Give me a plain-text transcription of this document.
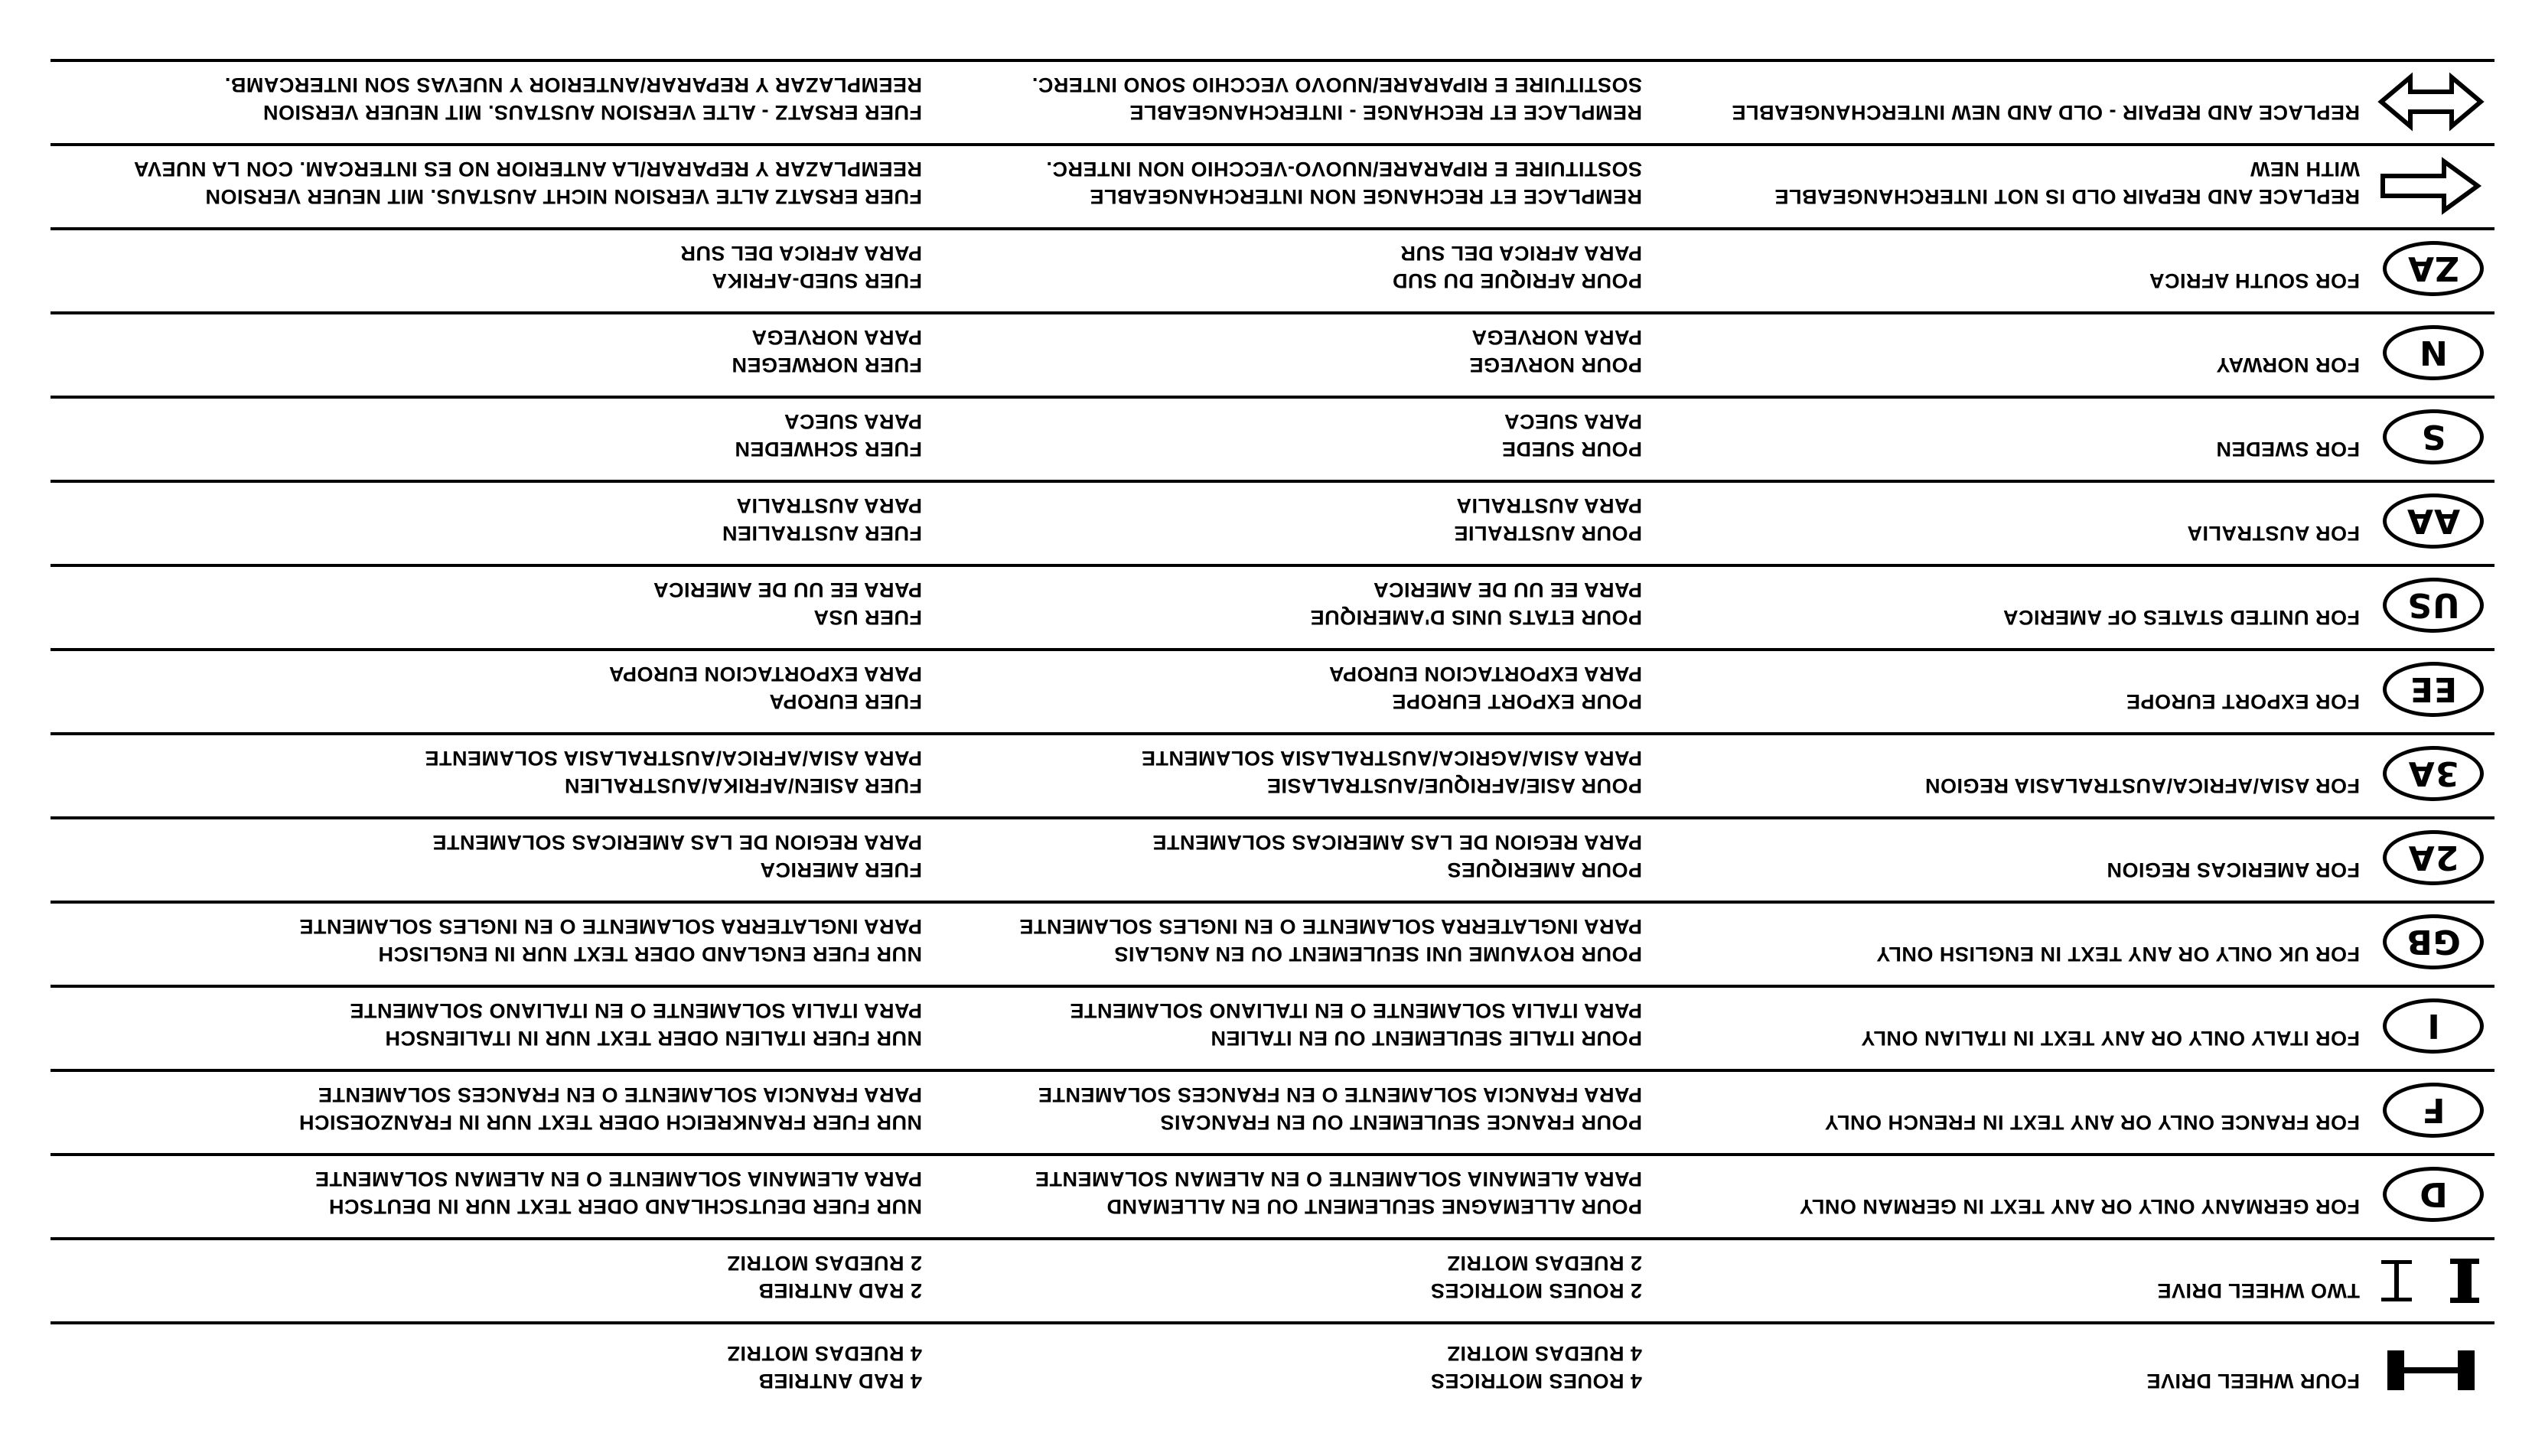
FOUR WHEEL DRIVE
4 ROUES MOTRICES
4 RUEDAS MOTRIZ
4 RAD ANTRIEB
4 RUEDAS MOTRIZ
TWO WHEEL DRIVE
2 ROUES MOTRICES
2 RUEDAS MOTRIZ
2 RAD ANTRIEB
2 RUEDAS MOTRIZ
D
FOR GERMANY ONLY OR ANY TEXT IN GERMAN ONLY
POUR ALLEMAGNE SEULEMENT OU EN ALLEMAND
PARA ALEMANIA SOLAMENTE O EN ALEMAN SOLAMENTE
NUR FUER DEUTSCHLAND ODER TEXT NUR IN DEUTSCH
PARA ALEMANIA SOLAMENTE O EN ALEMAN SOLAMENTE
F
FOR FRANCE ONLY OR ANY TEXT IN FRENCH ONLY
POUR FRANCE SEULEMENT OU EN FRANCAIS
PARA FRANCIA SOLAMENTE O EN FRANCES SOLAMENTE
NUR FUER FRANKREICH ODER TEXT NUR IN FRANZOESICH
PARA FRANCIA SOLAMENTE O EN FRANCES SOLAMENTE
I
FOR ITALY ONLY OR ANY TEXT IN ITALIAN ONLY
POUR ITALIE SEULEMENT OU EN ITALIEN
PARA ITALIA SOLAMENTE O EN ITALIANO SOLAMENTE
NUR FUER ITALIEN ODER TEXT NUR IN ITALIENSCH
PARA ITALIA SOLAMENTE O EN ITALIANO SOLAMENTE
GB
FOR UK ONLY OR ANY TEXT IN ENGLISH ONLY
POUR ROYAUME UNI SEULEMENT OU EN ANGLAIS
PARA INGLATERRA SOLAMENTE O EN INGLES SOLAMENTE
NUR FUER ENGLAND ODER TEXT NUR IN ENGLISCH
PARA INGLATERRA SOLAMENTE O EN INGLES SOLAMENTE
2A
FOR AMERICAS REGION
POUR AMERIQUES
PARA REGION DE LAS AMERICAS SOLAMENTE
FUER AMERICA
PARA REGION DE LAS AMERICAS SOLAMENTE
3A
FOR ASIA/AFRICA/AUSTRALASIA REGION
POUR ASIE/AFRIQUE/AUSTRALASIE
PARA ASIA/AGRICA/AUSTRALASIA SOLAMENTE
FUER ASIEN/AFRIKA/AUSTRALIEN
PARA ASIA/AFRICA/AUSTRALASIA SOLAMENTE
EE
FOR EXPORT EUROPE
POUR EXPORT EUROPE
PARA EXPORTACION EUROPA
FUER EUROPA
PARA EXPORTACION EUROPA
US
FOR UNITED STATES OF AMERICA
POUR ETATS UNIS D'AMERIQUE
PARA EE UU DE AMERICA
FUER USA
PARA EE UU DE AMERICA
AA
FOR AUSTRALIA
POUR AUSTRALIE
PARA AUSTRALIA
FUER AUSTRALIEN
PARA AUSTRALIA
S
FOR SWEDEN
POUR SUEDE
PARA SUECA
FUER SCHWEDEN
PARA SUECA
N
FOR NORWAY
POUR NORVEGE
PARA NORVEGA
FUER NORWEGEN
PARA NORVEGA
ZA
FOR SOUTH AFRICA
POUR AFRIQUE DU SUD
PARA AFRICA DEL SUR
FUER SUED-AFRIKA
PARA AFRICA DEL SUR
REPLACE AND REPAIR OLD IS NOT INTERCHANGEABLE
WITH NEW
REMPLACE ET RECHANGE NON INTERCHANGEABLE
SOSTITUIRE E RIPARARE/NUOVO-VECCHIO NON INTERC.
FUER ERSATZ ALTE VERSION NICHT AUSTAUS. MIT NEUER VERSION
REEMPLAZAR Y REPARAR/LA ANTERIOR NO ES INTERCAM. CON LA NUEVA
REPLACE AND REPAIR - OLD AND NEW INTERCHANGEABLE
REMPLACE ET RECHANGE - INTERCHANGEABLE
SOSTITUIRE E RIPARARE/NUOVO VECCHIO SONO INTERC.
FUER ERSATZ - ALTE VERSION AUSTAUS. MIT NEUER VERSION
REEMPLAZAR Y REPARAR/ANTERIOR Y NUEVAS SON INTERCAMB.
